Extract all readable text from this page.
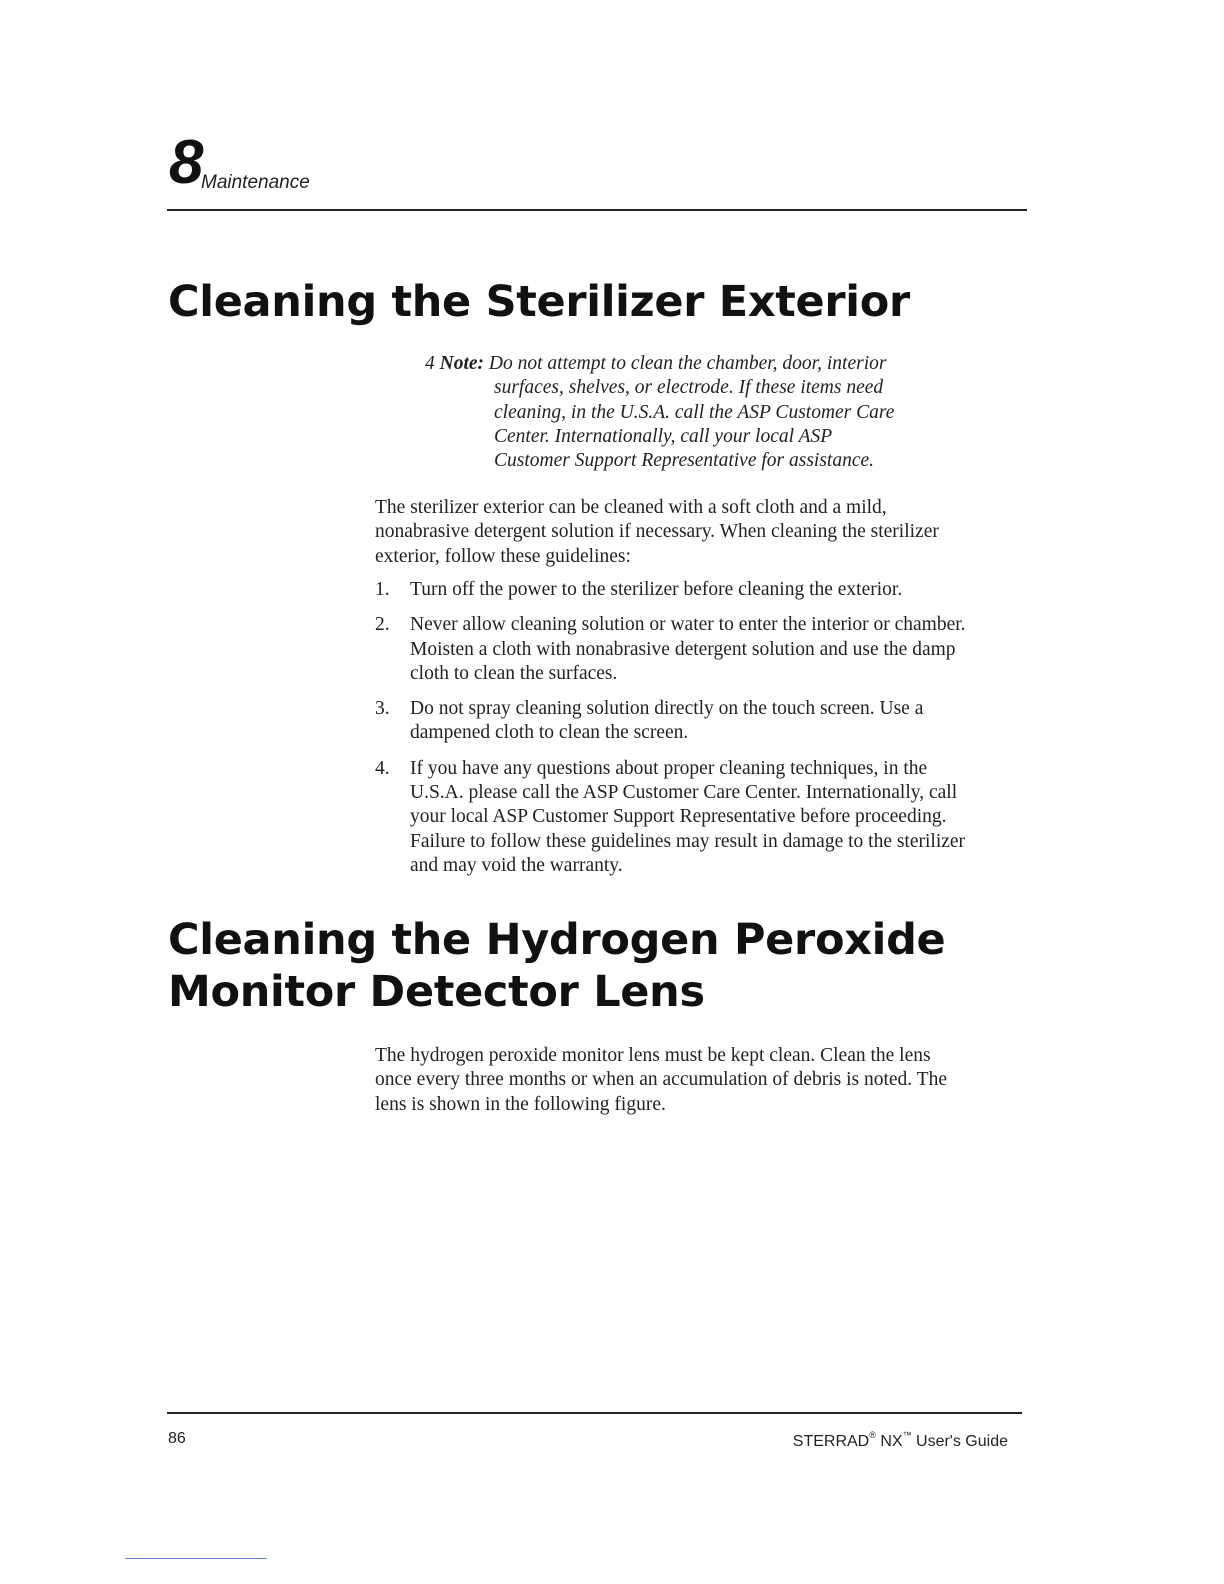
8
Maintenance
Cleaning the Sterilizer Exterior
4 Note: Do not attempt to clean the chamber, door, interior

surfaces, shelves, or electrode. If these items need
cleaning, in the U.S.A. call the ASP Customer Care
Center. Internationally, call your local ASP
Customer Support Representative for assistance.

The sterilizer exterior can be cleaned with a soft cloth and a mild,
nonabrasive detergent solution if necessary. When cleaning the sterilizer
exterior, follow these guidelines:

1. Turn off the power to the sterilizer before cleaning the exterior.
2. Never allow cleaning solution or water to enter the interior or chamber.
Moisten a cloth with nonabrasive detergent solution and use the damp
cloth to clean the surfaces.
3. Do not spray cleaning solution directly on the touch screen. Use a
dampened cloth to clean the screen.
4. If you have any questions about proper cleaning techniques, in the
U.S.A. please call the ASP Customer Care Center. Internationally, call
your local ASP Customer Support Representative before proceeding.
Failure to follow these guidelines may result in damage to the sterilizer
and may void the warranty.
Cleaning the Hydrogen Peroxide
Monitor Detector Lens

The hydrogen peroxide monitor lens must be kept clean. Clean the lens
once every three months or when an accumulation of debris is noted. The
lens is shown in the following figure.

86	STERRAD® NX™ User's Guide
